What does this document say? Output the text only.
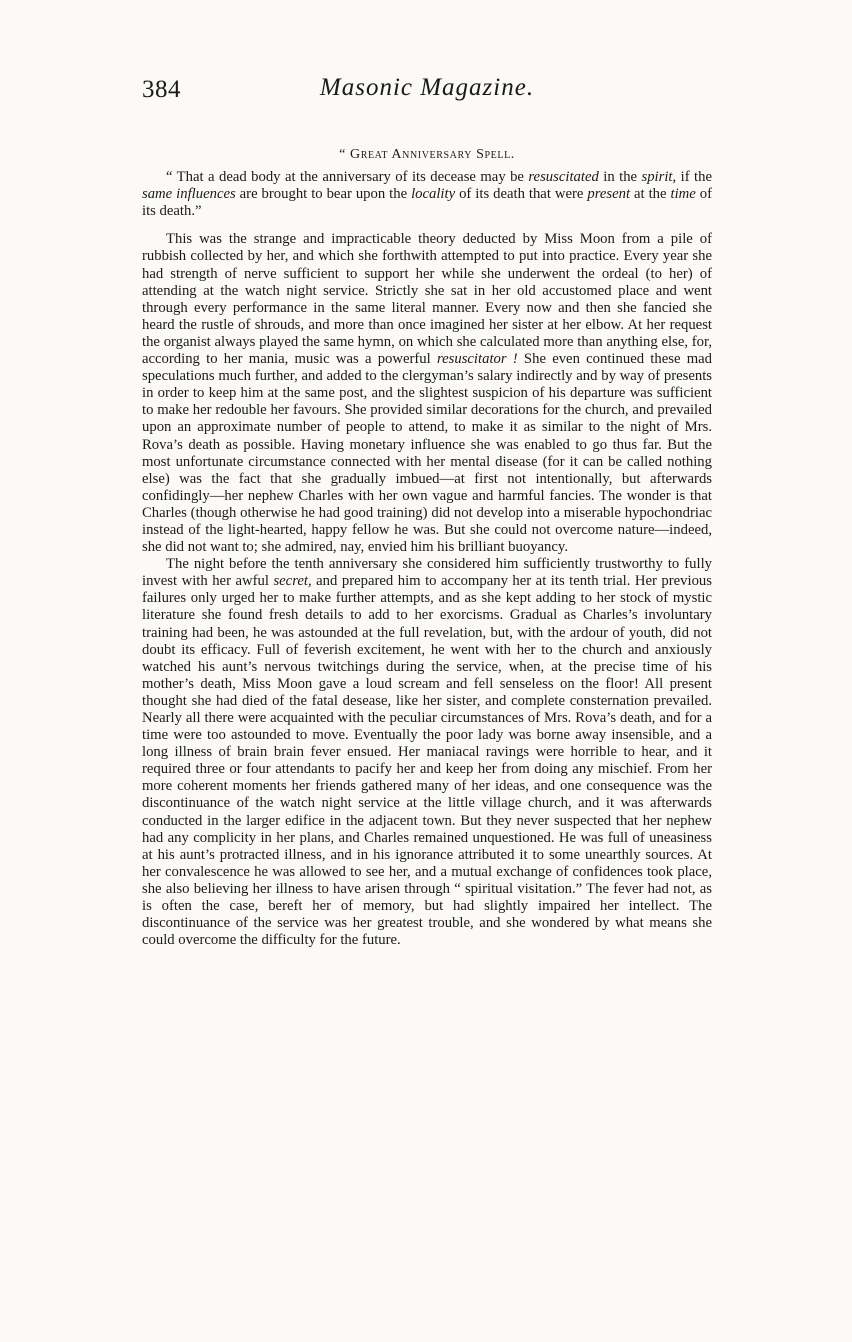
384	Masonic Magazine.
“ Great Anniversary Spell.

“ That a dead body at the anniversary of its decease may be resuscitated in the spirit, if the same influences are brought to bear upon the locality of its death that were present at the time of its death.”

This was the strange and impracticable theory deducted by Miss Moon from a pile of rubbish collected by her, and which she forthwith attempted to put into practice. Every year she had strength of nerve sufficient to support her while she underwent the ordeal (to her) of attending at the watch night service. Strictly she sat in her old accustomed place and went through every performance in the same literal manner. Every now and then she fancied she heard the rustle of shrouds, and more than once imagined her sister at her elbow. At her request the organist always played the same hymn, on which she calculated more than anything else, for, according to her mania, music was a powerful resuscitator ! She even continued these mad speculations much further, and added to the clergyman’s salary indirectly and by way of presents in order to keep him at the same post, and the slightest suspicion of his departure was sufficient to make her redouble her favours. She provided similar decorations for the church, and prevailed upon an approximate number of people to attend, to make it as similar to the night of Mrs. Rova’s death as possible. Having monetary influence she was enabled to go thus far. But the most unfortunate circumstance connected with her mental disease (for it can be called nothing else) was the fact that she gradually imbued—at first not intentionally, but afterwards confidingly—her nephew Charles with her own vague and harmful fancies. The wonder is that Charles (though otherwise he had good training) did not develop into a miserable hypochondriac instead of the light-hearted, happy fellow he was. But she could not overcome nature—indeed, she did not want to; she admired, nay, envied him his brilliant buoyancy.

The night before the tenth anniversary she considered him sufficiently trustworthy to fully invest with her awful secret, and prepared him to accompany her at its tenth trial. Her previous failures only urged her to make further attempts, and as she kept adding to her stock of mystic literature she found fresh details to add to her exorcisms. Gradual as Charles’s involuntary training had been, he was astounded at the full revelation, but, with the ardour of youth, did not doubt its efficacy. Full of feverish excitement, he went with her to the church and anxiously watched his aunt’s nervous twitchings during the service, when, at the precise time of his mother’s death, Miss Moon gave a loud scream and fell senseless on the floor! All present thought she had died of the fatal desease, like her sister, and complete consternation prevailed. Nearly all there were acquainted with the peculiar circumstances of Mrs. Rova’s death, and for a time were too astounded to move. Eventually the poor lady was borne away insensible, and a long illness of brain brain fever ensued. Her maniacal ravings were horrible to hear, and it required three or four attendants to pacify her and keep her from doing any mischief. From her more coherent moments her friends gathered many of her ideas, and one consequence was the discontinuance of the watch night service at the little village church, and it was afterwards conducted in the larger edifice in the adjacent town. But they never suspected that her nephew had any complicity in her plans, and Charles remained unquestioned. He was full of uneasiness at his aunt’s protracted illness, and in his ignorance attributed it to some unearthly sources. At her convalescence he was allowed to see her, and a mutual exchange of confidences took place, she also believing her illness to have arisen through “ spiritual visitation.” The fever had not, as is often the case, bereft her of memory, but had slightly impaired her intellect. The discontinuance of the service was her greatest trouble, and she wondered by what means she could overcome the difficulty for the future.
